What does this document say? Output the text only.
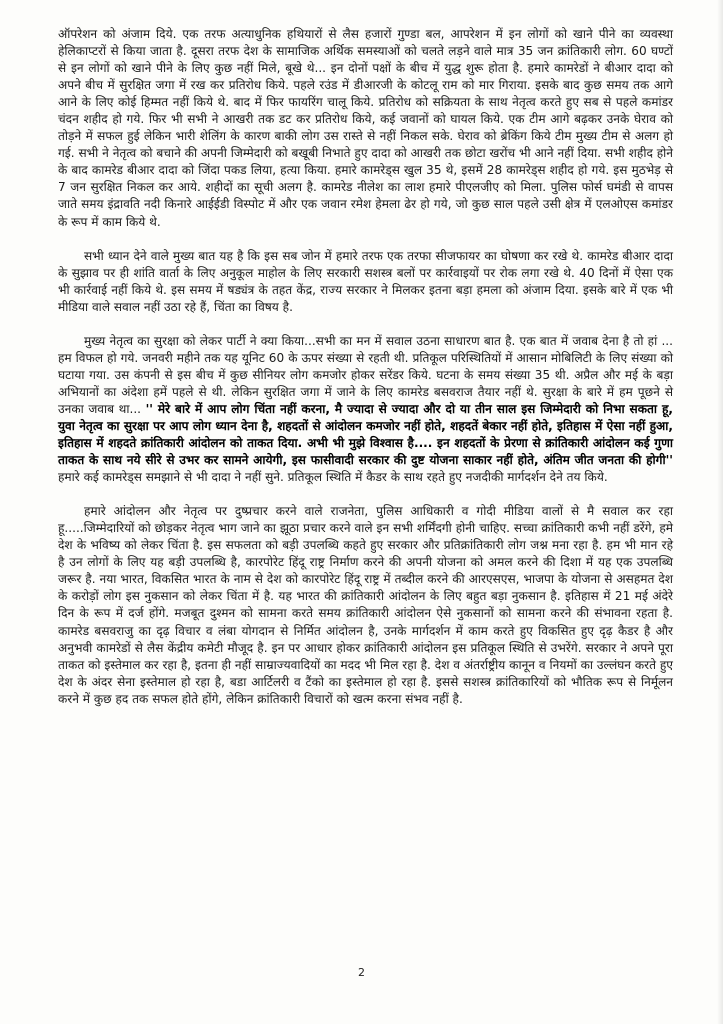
ऑपरेशन को अंजाम दिये. एक तरफ अत्याधुनिक हथियारों से लैस हजारों गुण्डा बल, आपरेशन में इन लोगों को खाने पीने का व्यवस्था हेलिकाप्टरों से किया जाता है. दूसरा तरफ देश के सामाजिक अर्थिक समस्याओं को चलते लड़ने वाले मात्र 35 जन क्रांतिकारी लोग. 60 घण्टों से इन लोगों को खाने पीने के लिए कुछ नहीं मिले, बूखे थे... इन दोनों पक्षों के बीच में युद्ध शुरू होता है. हमारे कामरेडों ने बीआर दादा को अपने बीच में सुरक्षित जगा में रख कर प्रतिरोध किये. पहले रउंड में डीआरजी के कोटलू राम को मार गिराया. इसके बाद कुछ समय तक आगे आने के लिए कोई हिम्मत नहीं किये थे. बाद में फिर फायरिंग चालू किये. प्रतिरोध को सक्रियता के साथ नेतृत्व करते हुए सब से पहले कमांडर चंदन शहीद हो गये. फिर भी सभी ने आखरी तक डट कर प्रतिरोध किये, कई जवानों को घायल किये. एक टीम आगे बढ़कर उनके घेराव को तोड़ने में सफल हुई लेकिन भारी शेलिंग के कारण बाकी लोग उस रास्ते से नहीं निकल सके. घेराव को ब्रेकिंग किये टीम मुख्य टीम से अलग हो गई. सभी ने नेतृत्व को बचाने की अपनी जिम्मेदारी को बखूबी निभाते हुए दादा को आखरी तक छोटा खरोंच भी आने नहीं दिया. सभी शहीद होने के बाद कामरेड बीआर दादा को जिंदा पकड लिया, हत्या किया. हमारे कामरेड्स खुल 35 थे, इसमें 28 कामरेड्स शहीद हो गये. इस मुठभेड़ से 7 जन सुरक्षित निकल कर आये. शहीदों का सूची अलग है. कामरेड नीलेश का लाश हमारे पीएलजीए को मिला. पुलिस फोर्स घमंडी से वापस जाते समय इंद्रावति नदी किनारे आईईडी विस्पोट में और एक जवान रमेश हेमला ढेर हो गये, जो कुछ साल पहले उसी क्षेत्र में एलओएस कमांडर के रूप में काम किये थे.

सभी ध्यान देने वाले मुख्य बात यह है कि इस सब जोन में हमारे तरफ एक तरफा सीजफायर का घोषणा कर रखे थे. कामरेड बीआर दादा के सुझाव पर ही शांति वार्ता के लिए अनुकूल माहोल के लिए सरकारी सशस्त्र बलों पर कार्रवाइयों पर रोक लगा रखे थे. 40 दिनों में ऐसा एक भी कार्रवाई नहीं किये थे. इस समय में षड्यंत्र के तहत केंद्र, राज्य सरकार ने मिलकर इतना बड़ा हमला को अंजाम दिया. इसके बारे में एक भी मीडिया वाले सवाल नहीं उठा रहे हैं, चिंता का विषय है.

मुख्य नेतृत्व का सुरक्षा को लेकर पार्टी ने क्या किया...सभी का मन में सवाल उठना साधारण बात है. एक बात में जवाब देना है तो हां ... हम विफल हो गये. जनवरी महीने तक यह यूनिट 60 के ऊपर संख्या से रहती थी. प्रतिकूल परिस्थितियों में आसान मोबिलिटी के लिए संख्या को घटाया गया. उस कंपनी से इस बीच में कुछ सीनियर लोग कमजोर होकर सरेंडर किये. घटना के समय संख्या 35 थी. अप्रैल और मई के बड़ा अभियानों का अंदेशा हमें पहले से थी. लेकिन सुरक्षित जगा में जाने के लिए कामरेड बसवराज तैयार नहीं थे. सुरक्षा के बारे में हम पूछने से उनका जवाब था... '' मेरे बारे में आप लोग चिंता नहीं करना, मै ज्यादा से ज्यादा और दो या तीन साल इस जिम्मेदारी को निभा सकता हू, युवा नेतृत्व का सुरक्षा पर आप लोग ध्यान देना है, शहदतों से आंदोलन कमजोर नहीं होते, शहदतें बेकार नहीं होते, इतिहास में ऐसा नहीं हुआ, इतिहास में शहदते क्रांतिकारी आंदोलन को ताकत दिया. अभी भी मुझे विश्वास है.... इन शहदतों के प्रेरणा से क्रांतिकारी आंदोलन कई गुणा ताकत के साथ नये सीरे से उभर कर सामने आयेगी, इस फासीवादी सरकार की दुष्ट योजना साकार नहीं होते, अंतिम जीत जनता की होगी'' हमारे कई कामरेड्स समझाने से भी दादा ने नहीं सुने. प्रतिकूल स्थिति में कैडर के साथ रहते हुए नजदीकी मार्गदर्शन देने तय किये.

हमारे आंदोलन और नेतृत्व पर दुष्प्रचार करने वाले राजनेता, पुलिस आधिकारी व गोदी मीडिया वालों से मै सवाल कर रहा हू.....जिम्मेदारियों को छोड़कर नेतृत्व भाग जाने का झूठा प्रचार करने वाले इन सभी शर्मिंदगी होनी चाहिए. सच्चा क्रांतिकारी कभी नहीं डरेंगे, हमे देश के भविष्य को लेकर चिंता है. इस सफलता को बड़ी उपलब्धि कहते हुए सरकार और प्रतिक्रांतिकारी लोग जश्न मना रहा है. हम भी मान रहे है उन लोगों के लिए यह बड़ी उपलब्धि है, कारपोरेट हिंदू राष्ट्र निर्माण करने की अपनी योजना को अमल करने की दिशा में यह एक उपलब्धि जरूर है. नया भारत, विकसित भारत के नाम से देश को कारपोरेट हिंदू राष्ट्र में तब्दील करने की आरएसएस, भाजपा के योजना से असहमत देश के करोड़ों लोग इस नुकसान को लेकर चिंता में है. यह भारत की क्रांतिकारी आंदोलन के लिए बहुत बड़ा नुकसान है. इतिहास में 21 मई अंदेरे दिन के रूप में दर्ज होंगे. मजबूत दुश्मन को सामना करते समय क्रांतिकारी आंदोलन ऐसे नुकसानों को सामना करने की संभावना रहता है. कामरेड बसवराजु का दृढ़ विचार व लंबा योगदान से निर्मित आंदोलन है, उनके मार्गदर्शन में काम करते हुए विकसित हुए दृढ़ कैडर है और अनुभवी कामरेडों से लैस केंद्रीय कमेटी मौजूद है. इन पर आधार होकर क्रांतिकारी आंदोलन इस प्रतिकूल स्थिति से उभरेंगे. सरकार ने अपने पूरा ताकत को इस्तेमाल कर रहा है, इतना ही नहीं साम्राज्यवादियों का मदद भी मिल रहा है. देश व अंतर्राष्ट्रीय कानून व नियमों का उल्लंघन करते हुए देश के अंदर सेना इस्तेमाल हो रहा है, बडा आर्टिलरी व टैंको का इस्तेमाल हो रहा है. इससे सशस्त्र क्रांतिकारियों को भौतिक रूप से निर्मूलन करने में कुछ हद तक सफल होते होंगे, लेकिन क्रांतिकारी विचारों को खत्म करना संभव नहीं है.

2
